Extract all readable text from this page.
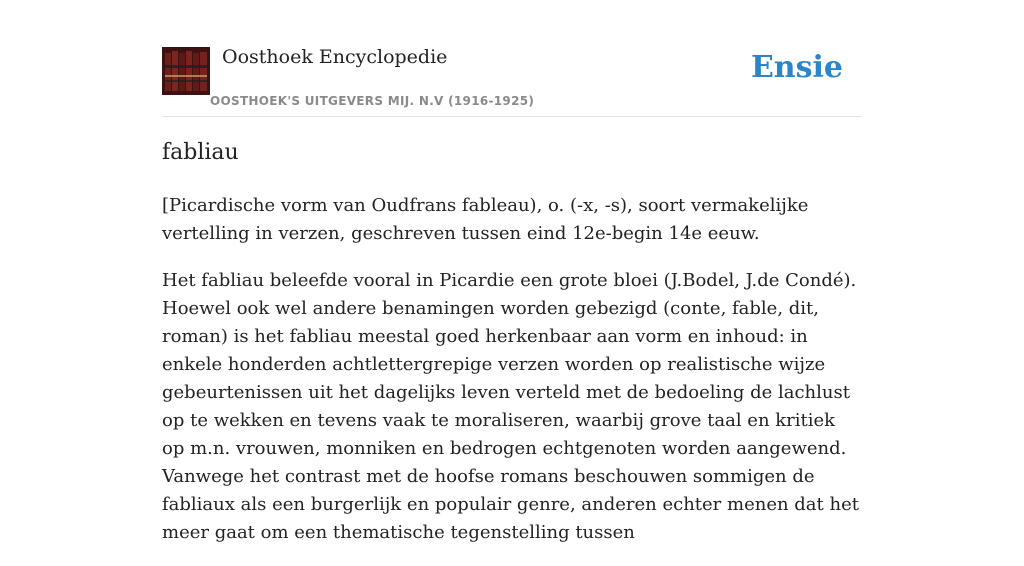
Oosthoek Encyclopedie
OOSTHOEK'S UITGEVERS MIJ. N.V (1916-1925)
Ensie
fabliau

[Picardische vorm van Oudfrans fableau), o. (-x, -s), soort vermakelijke vertelling in verzen, geschreven tussen eind 12e-begin 14e eeuw.

Het fabliau beleefde vooral in Picardie een grote bloei (J.Bodel, J.de Condé). Hoewel ook wel andere benamingen worden gebezigd (conte, fable, dit, roman) is het fabliau meestal goed herkenbaar aan vorm en inhoud: in enkele honderden achtlettergrepige verzen worden op realistische wijze gebeurtenissen uit het dagelijks leven verteld met de bedoeling de lachlust op te wekken en tevens vaak te moraliseren, waarbij grove taal en kritiek op m.n. vrouwen, monniken en bedrogen echtgenoten worden aangewend. Vanwege het contrast met de hoofse romans beschouwen sommigen de fabliaux als een burgerlijk en populair genre, anderen echter menen dat het meer gaat om een thematische tegenstelling tussen
